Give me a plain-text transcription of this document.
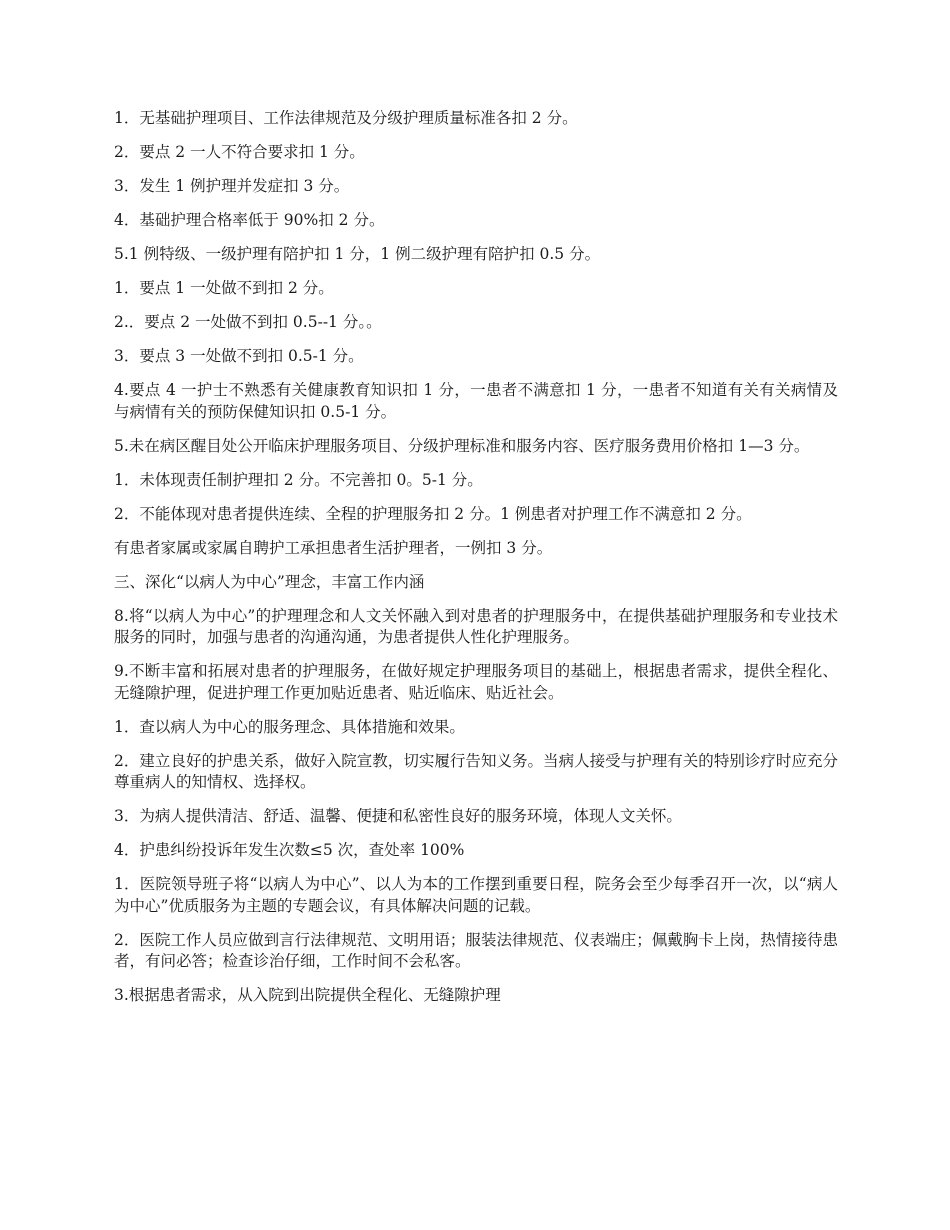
1．无基础护理项目、工作法律规范及分级护理质量标准各扣 2 分。

2．要点 2 一人不符合要求扣 1 分。

3．发生 1 例护理并发症扣 3 分。

4．基础护理合格率低于 90%扣 2 分。

5.1 例特级、一级护理有陪护扣 1 分，1 例二级护理有陪护扣 0.5 分。

1．要点 1 一处做不到扣 2 分。

2.．要点 2 一处做不到扣 0.5--1 分。。

3．要点 3 一处做不到扣 0.5-1 分。

4.要点 4 一护士不熟悉有关健康教育知识扣 1 分，一患者不满意扣 1 分，一患者不知道有关有关病情及与病情有关的预防保健知识扣 0.5-1 分。

5.未在病区醒目处公开临床护理服务项目、分级护理标准和服务内容、医疗服务费用价格扣 1—3 分。

1．未体现责任制护理扣 2 分。不完善扣 0。5-1 分。

2．不能体现对患者提供连续、全程的护理服务扣 2 分。1 例患者对护理工作不满意扣 2 分。

有患者家属或家属自聘护工承担患者生活护理者，一例扣 3 分。

三、深化“以病人为中心”理念，丰富工作内涵

8.将“以病人为中心”的护理理念和人文关怀融入到对患者的护理服务中，在提供基础护理服务和专业技术服务的同时，加强与患者的沟通沟通，为患者提供人性化护理服务。

9.不断丰富和拓展对患者的护理服务，在做好规定护理服务项目的基础上，根据患者需求，提供全程化、无缝隙护理，促进护理工作更加贴近患者、贴近临床、贴近社会。

1．查以病人为中心的服务理念、具体措施和效果。

2．建立良好的护患关系，做好入院宣教，切实履行告知义务。当病人接受与护理有关的特别诊疗时应充分尊重病人的知情权、选择权。

3．为病人提供清洁、舒适、温馨、便捷和私密性良好的服务环境，体现人文关怀。

4．护患纠纷投诉年发生次数≤5 次，查处率 100%

1．医院领导班子将“以病人为中心”、以人为本的工作摆到重要日程，院务会至少每季召开一次，以“病人为中心”优质服务为主题的专题会议，有具体解决问题的记载。

2．医院工作人员应做到言行法律规范、文明用语；服装法律规范、仪表端庄；佩戴胸卡上岗，热情接待患者，有问必答；检查诊治仔细，工作时间不会私客。

3.根据患者需求，从入院到出院提供全程化、无缝隙护理
